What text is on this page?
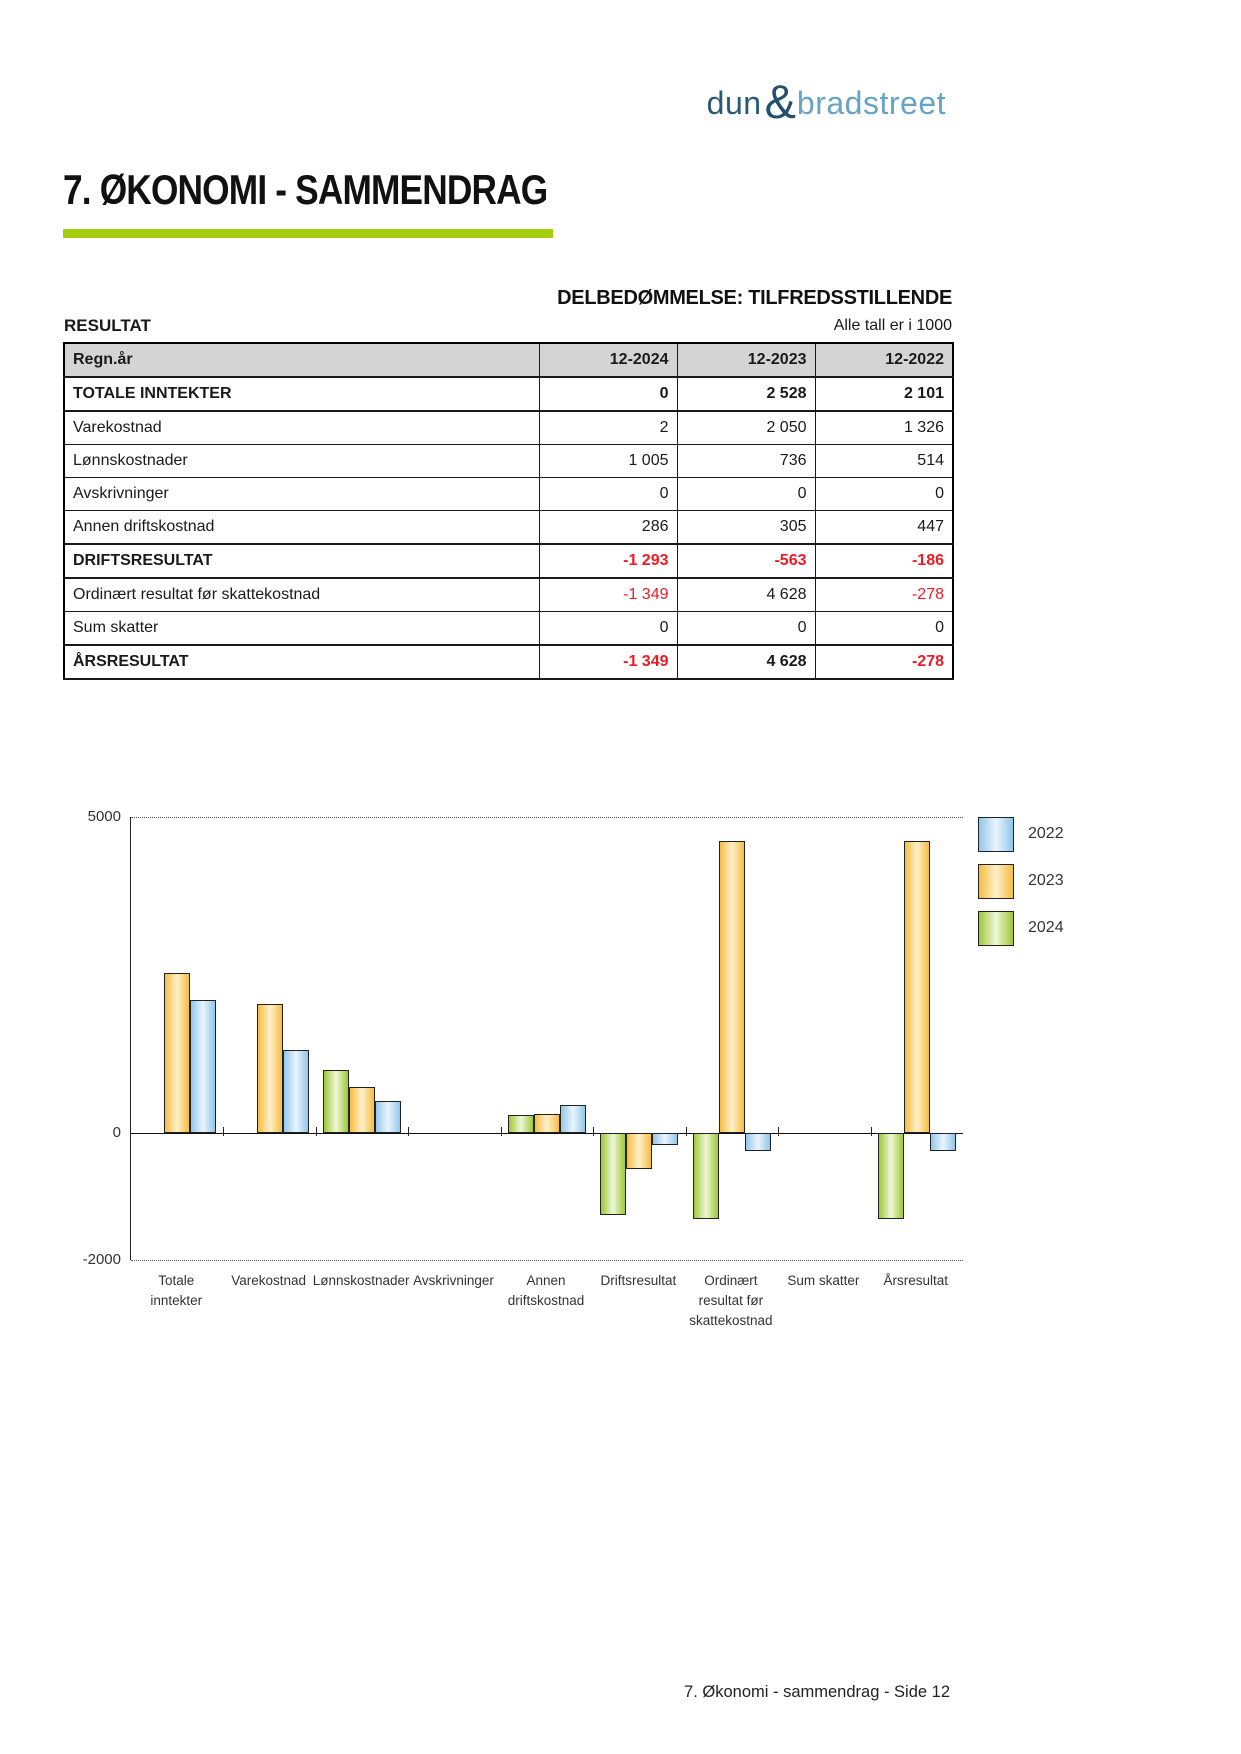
dun & bradstreet
7. ØKONOMI - SAMMENDRAG
DELBEDØMMELSE: TILFREDSSTILLENDE
RESULTAT	Alle tall er i 1000
Regn.år	12-2024	12-2023	12-2022
TOTALE INNTEKTER	0	2 528	2 101
Varekostnad	2	2 050	1 326
Lønnskostnader	1 005	736	514
Avskrivninger	0	0	0
Annen driftskostnad	286	305	447
DRIFTSRESULTAT	-1 293	-563	-186
Ordinært resultat før skattekostnad	-1 349	4 628	-278
Sum skatter	0	0	0
ÅRSRESULTAT	-1 349	4 628	-278
5000
0
-2000
Totale
inntekter
Varekostnad Lønnskostnader Avskrivninger	Annen
driftskostnad
Driftsresultat	Ordinært
resultat før
skattekostnad
Sum skatter	Årsresultat
2022
2023
2024
7. Økonomi - sammendrag - Side 12
